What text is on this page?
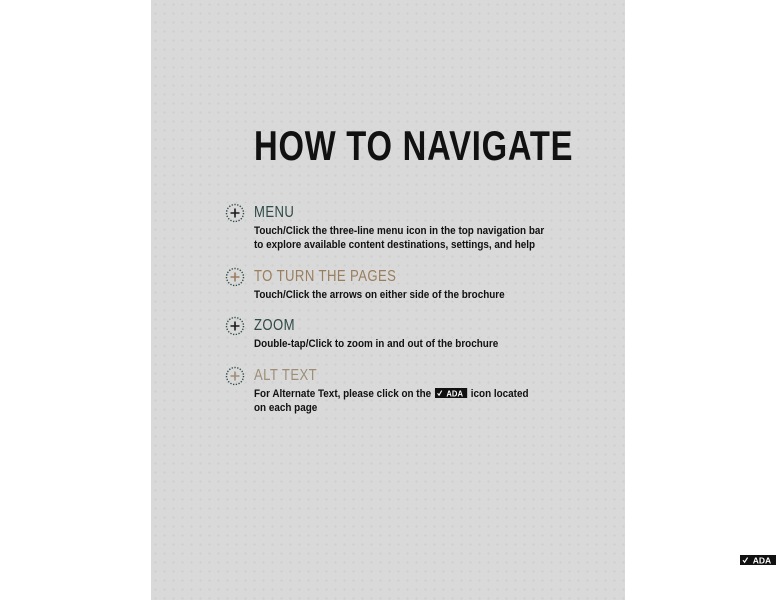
HOW TO NAVIGATE
MENU
Touch/Click the three-line menu icon in the top navigation bar
to explore available content destinations, settings, and help
TO TURN THE PAGES
Touch/Click the arrows on either side of the brochure
ZOOM
Double-tap/Click to zoom in and out of the brochure
ALT TEXT
For Alternate Text, please click on the ADA icon located
on each page
ADA
